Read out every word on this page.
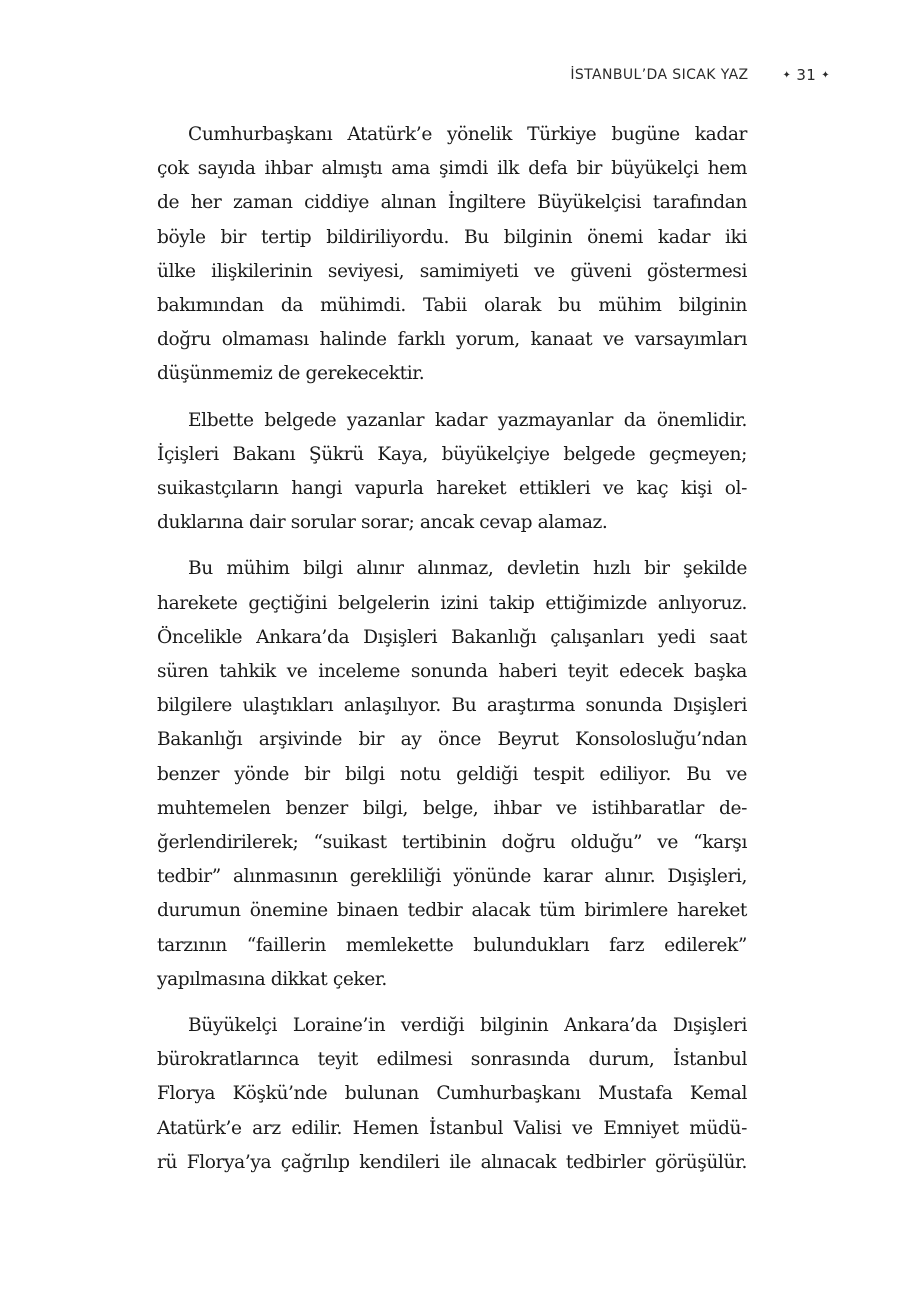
İSTANBUL’DA SICAK YAZ	✦ 31 ✦
Cumhurbaşkanı Atatürk’e yönelik Türkiye bugüne kadar
çok sayıda ihbar almıştı ama şimdi ilk defa bir büyükelçi hem
de her zaman ciddiye alınan İngiltere Büyükelçisi tarafından
böyle bir tertip bildiriliyordu. Bu bilginin önemi kadar iki
ülke ilişkilerinin seviyesi, samimiyeti ve güveni göstermesi
bakımından da mühimdi. Tabii olarak bu mühim bilginin
doğru olmaması halinde farklı yorum, kanaat ve varsayımları
düşünmemiz de gerekecektir.
Elbette belgede yazanlar kadar yazmayanlar da önemlidir.
İçişleri Bakanı Şükrü Kaya, büyükelçiye belgede geçmeyen;
suikastçıların hangi vapurla hareket ettikleri ve kaç kişi ol-
duklarına dair sorular sorar; ancak cevap alamaz.
Bu mühim bilgi alınır alınmaz, devletin hızlı bir şekilde
harekete geçtiğini belgelerin izini takip ettiğimizde anlıyoruz.
Öncelikle Ankara’da Dışişleri Bakanlığı çalışanları yedi saat
süren tahkik ve inceleme sonunda haberi teyit edecek başka
bilgilere ulaştıkları anlaşılıyor. Bu araştırma sonunda Dışişleri
Bakanlığı arşivinde bir ay önce Beyrut Konsolosluğu’ndan
benzer yönde bir bilgi notu geldiği tespit ediliyor. Bu ve
muhtemelen benzer bilgi, belge, ihbar ve istihbaratlar de-
ğerlendirilerek; “suikast tertibinin doğru olduğu” ve “karşı
tedbir” alınmasının gerekliliği yönünde karar alınır. Dışişleri,
durumun önemine binaen tedbir alacak tüm birimlere hareket
tarzının “faillerin memlekette bulundukları farz edilerek”
yapılmasına dikkat çeker.
Büyükelçi Loraine’in verdiği bilginin Ankara’da Dışişleri
bürokratlarınca teyit edilmesi sonrasında durum, İstanbul
Florya Köşkü’nde bulunan Cumhurbaşkanı Mustafa Kemal
Atatürk’e arz edilir. Hemen İstanbul Valisi ve Emniyet müdü-
rü Florya’ya çağrılıp kendileri ile alınacak tedbirler görüşülür.
